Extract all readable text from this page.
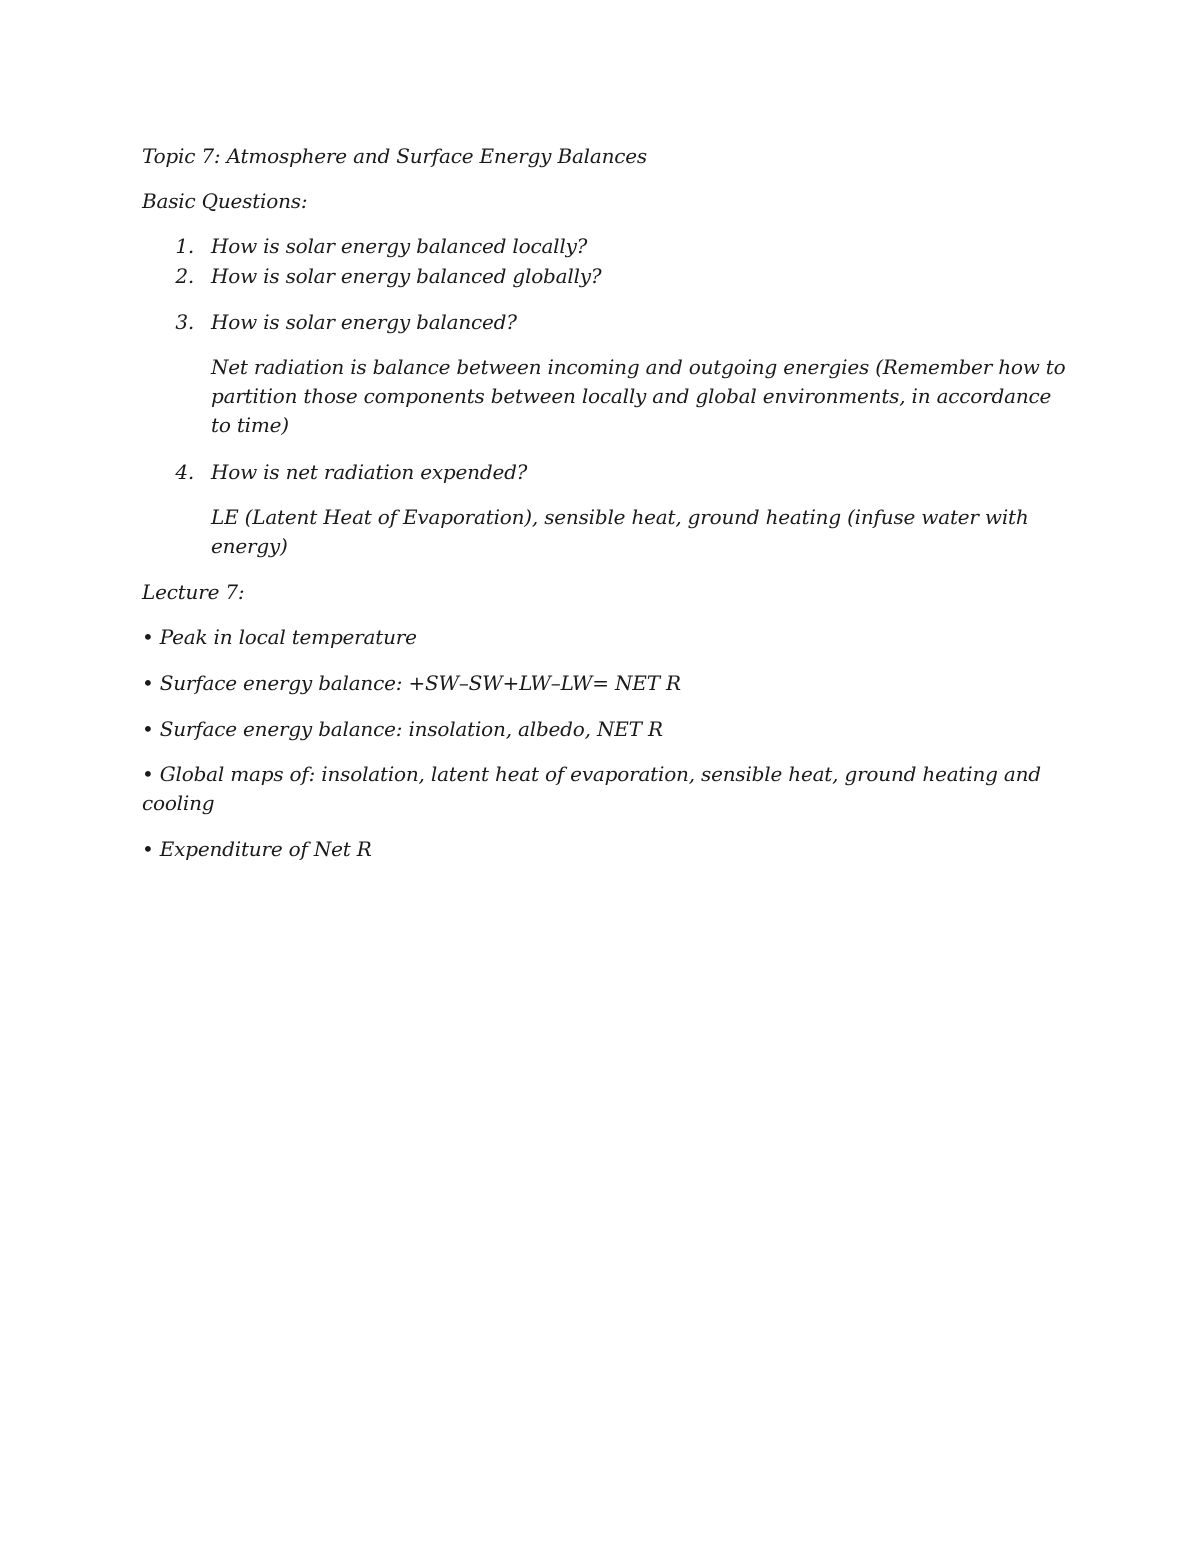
Topic 7: Atmosphere and Surface Energy Balances
Basic Questions:
1. How is solar energy balanced locally?
2. How is solar energy balanced globally?
3. How is solar energy balanced?
Net radiation is balance between incoming and outgoing energies (Remember how to partition those components between locally and global environments, in accordance to time)
4. How is net radiation expended?
LE (Latent Heat of Evaporation), sensible heat, ground heating (infuse water with energy)
Lecture 7:
• Peak in local temperature
• Surface energy balance: +SW–SW+LW–LW= NET R
• Surface energy balance: insolation, albedo, NET R
• Global maps of: insolation, latent heat of evaporation, sensible heat, ground heating and cooling
• Expenditure of Net R
